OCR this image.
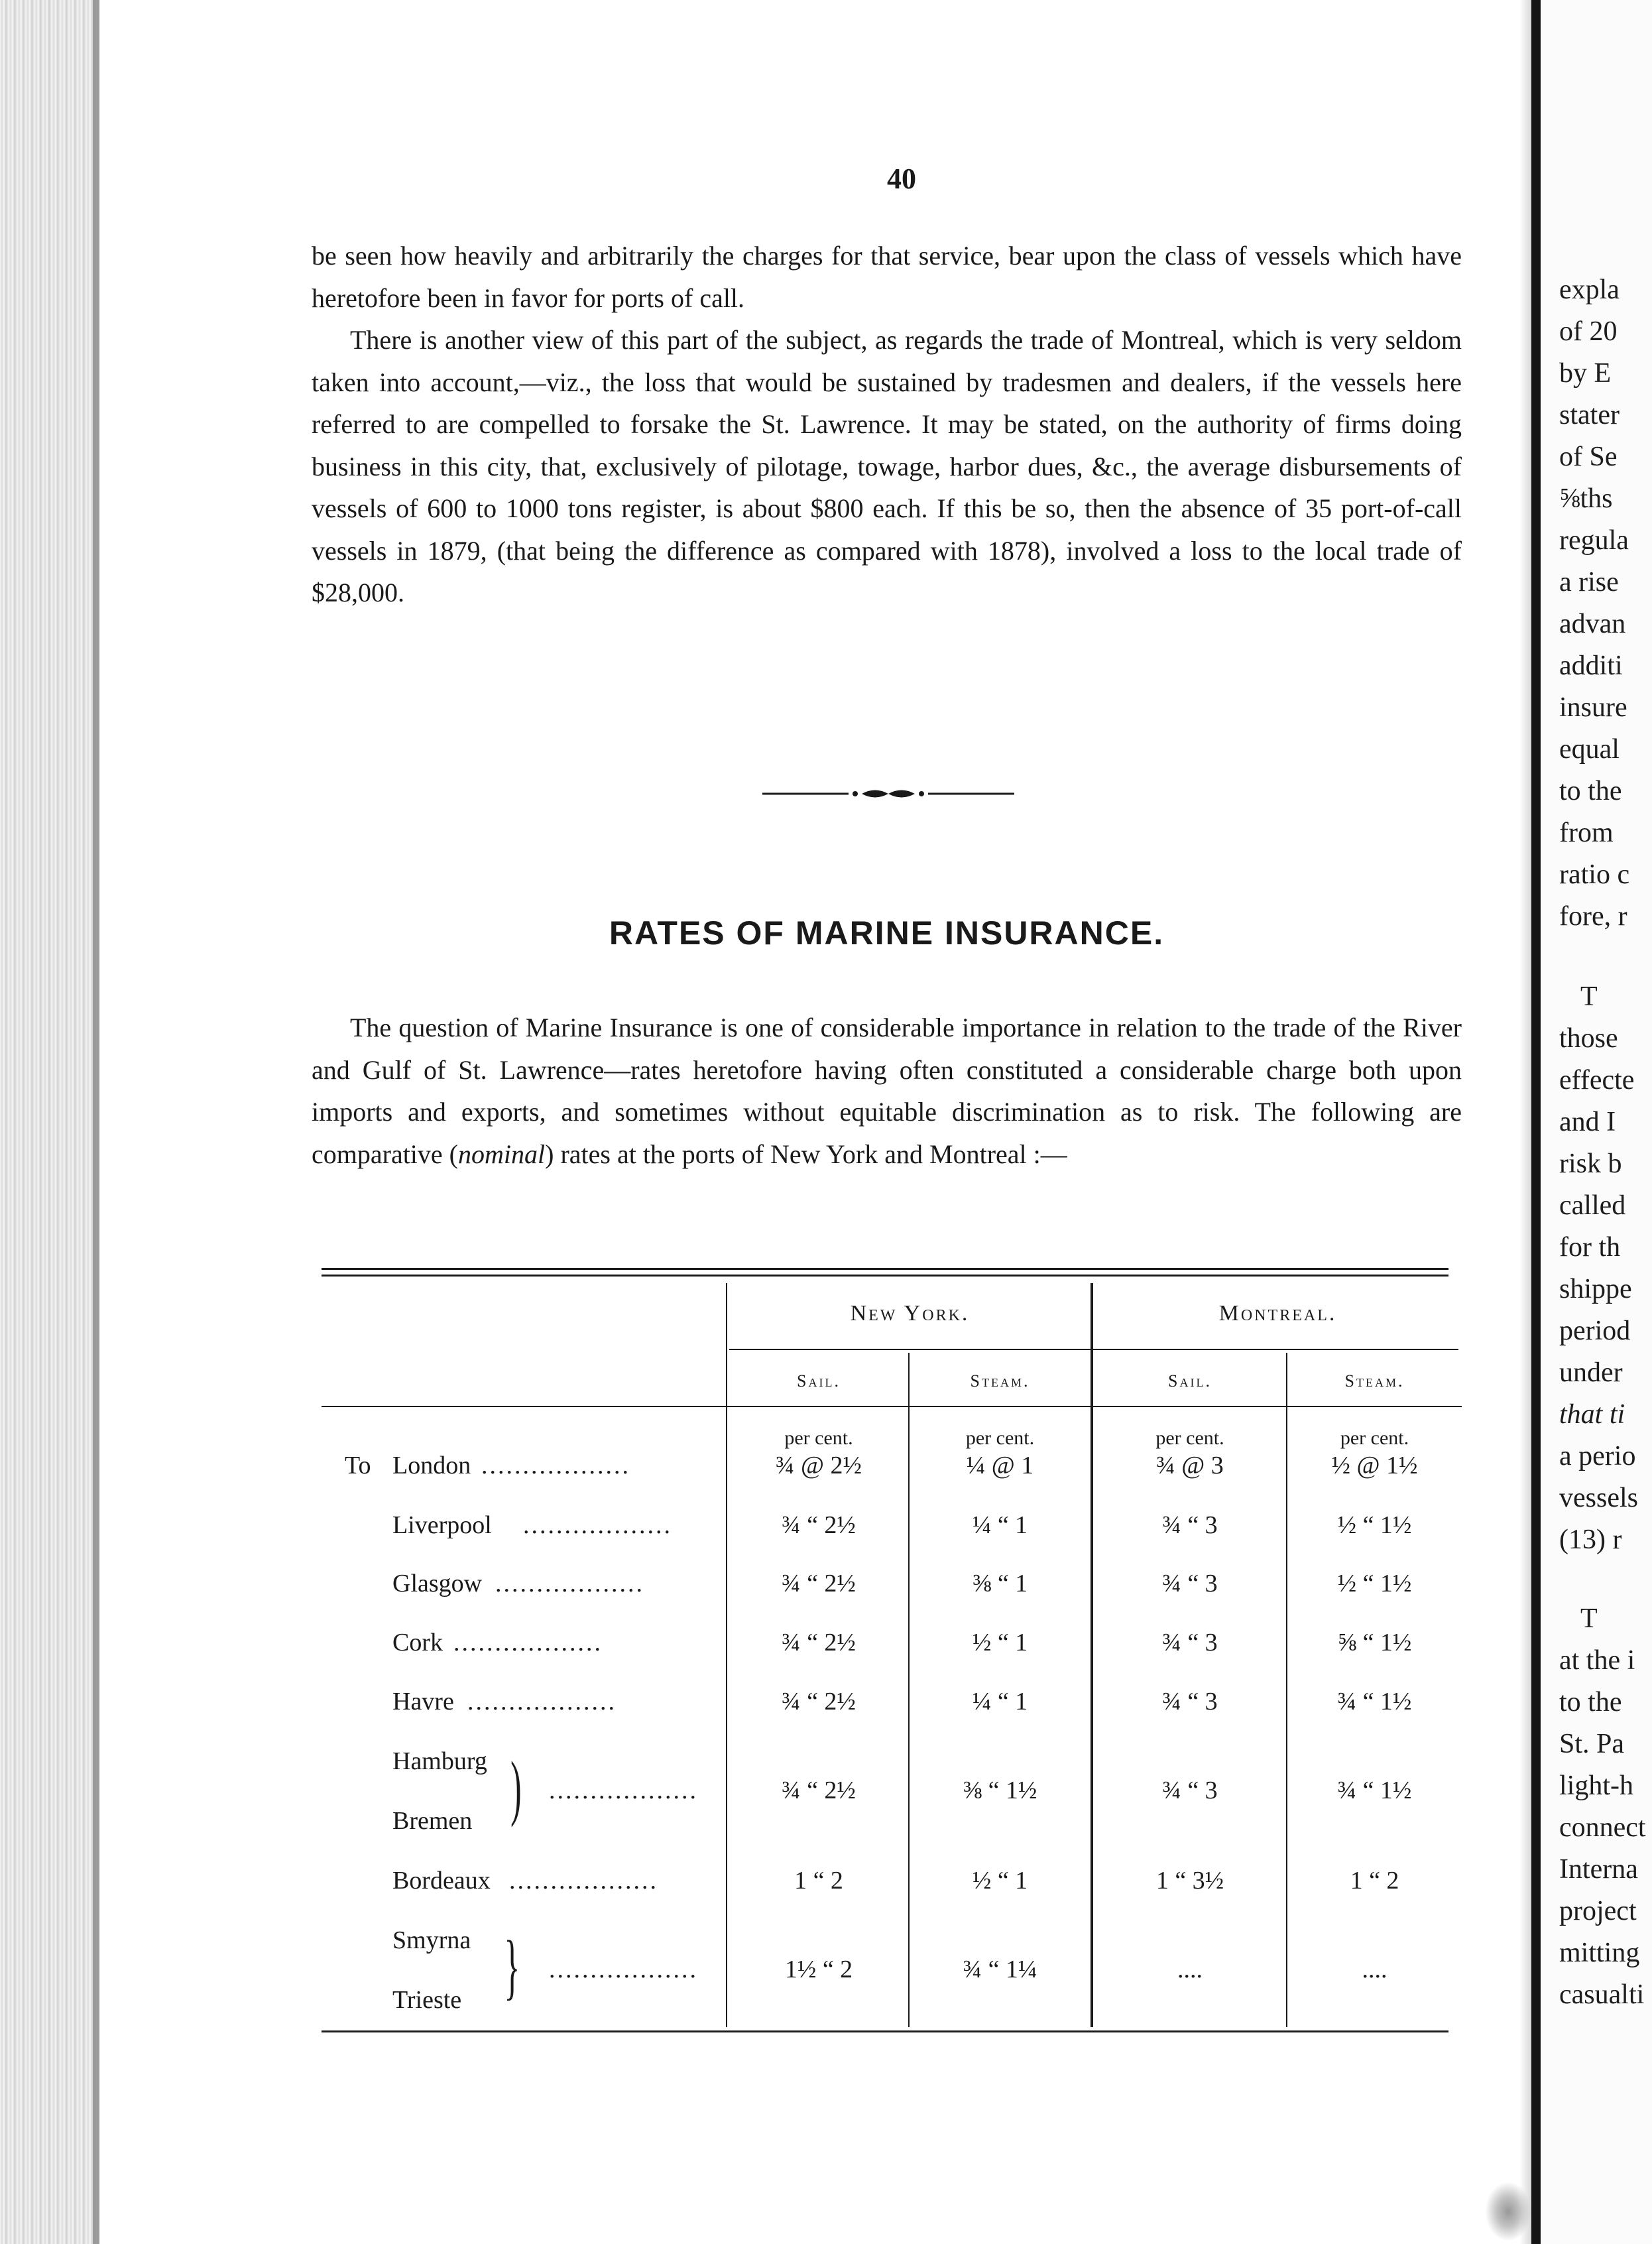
expla
of 20
by E
stater
of Se
⅝ths
regula
a rise
advan
additi
insure
equal
to the
from
ratio c
fore, r
T
those
effecte
and I
risk b
called
for th
shippe
period
under
that ti
a perio
vessels
(13) r
T
at the i
to the
St. Pa
light-h
connect
Interna
project
mitting
casualti
40

be seen how heavily and arbitrarily the charges for that service, bear upon the class of vessels which have heretofore been in favor for ports of call.

There is another view of this part of the subject, as regards the trade of Montreal, which is very seldom taken into account,—viz., the loss that would be sustained by tradesmen and dealers, if the vessels here referred to are compelled to forsake the St. Lawrence. It may be stated, on the authority of firms doing business in this city, that, exclusively of pilotage, towage, harbor dues, &c., the average disbursements of vessels of 600 to 1000 tons register, is about $800 each. If this be so, then the absence of 35 port-of-call vessels in 1879, (that being the difference as compared with 1878), involved a loss to the local trade of $28,000.

RATES OF MARINE INSURANCE.

The question of Marine Insurance is one of considerable importance in relation to the trade of the River and Gulf of St. Lawrence—rates heretofore having often constituted a considerable charge both upon imports and exports, and sometimes without equitable discrimination as to risk. The following are comparative (nominal) rates at the ports of New York and Montreal :—

New York.	Montreal.
Sail.	Steam.	Sail.	Steam.
per cent.	per cent.	per cent.	per cent.
To London ..................	¾ @ 2½	¼ @ 1	¾ @ 3	½ @ 1½
Liverpool ..................	¾ “ 2½	¼ “ 1	¾ “ 3	½ “ 1½
Glasgow ..................	¾ “ 2½	⅜ “ 1	¾ “ 3	½ “ 1½
Cork ..................	¾ “ 2½	½ “ 1	¾ “ 3	⅝ “ 1½
Havre ..................	¾ “ 2½	¼ “ 1	¾ “ 3	¾ “ 1½
Hamburg
Bremen ) ..................	¾ “ 2½	⅜ “ 1½	¾ “ 3	¾ “ 1½
Bordeaux ..................	1 “ 2	½ “ 1	1 “ 3½	1 “ 2
Smyrna
Trieste } ..................	1½ “ 2	¾ “ 1¼	....	....
